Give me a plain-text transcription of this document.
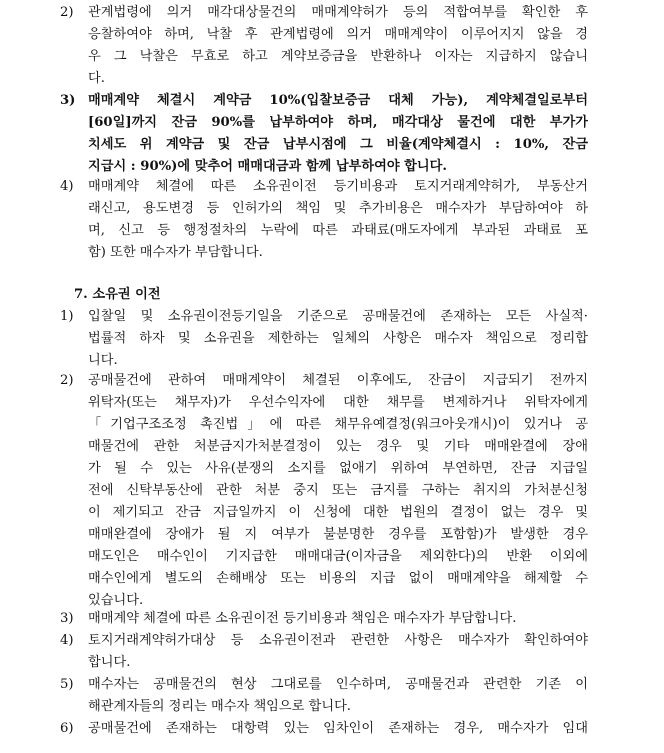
2) 관계법령에 의거 매각대상물건의 매매계약허가 등의 적합여부를 확인한 후
응찰하여야 하며, 낙찰 후 관계법령에 의거 매매계약이 이루어지지 않을 경
우 그 낙찰은 무효로 하고 계약보증금을 반환하나 이자는 지급하지 않습니
다.
3) 매매계약 체결시 계약금 10%(입찰보증금 대체 가능), 계약체결일로부터
[60일]까지 잔금 90%를 납부하여야 하며, 매각대상 물건에 대한 부가가
치세도 위 계약금 및 잔금 납부시점에 그 비율(계약체결시 : 10%, 잔금
지급시 : 90%)에 맞추어 매매대금과 함께 납부하여야 합니다.
4) 매매계약 체결에 따른 소유권이전 등기비용과 토지거래계약허가, 부동산거
래신고, 용도변경 등 인허가의 책임 및 추가비용은 매수자가 부담하여야 하
며, 신고 등 행정절차의 누락에 따른 과태료(매도자에게 부과된 과태료 포
함) 또한 매수자가 부담합니다.
7. 소유권 이전
1) 입찰일 및 소유권이전등기일을 기준으로 공매물건에 존재하는 모든 사실적·
법률적 하자 및 소유권을 제한하는 일체의 사항은 매수자 책임으로 정리합
니다.
2) 공매물건에 관하여 매매계약이 체결된 이후에도, 잔금이 지급되기 전까지
위탁자(또는 채무자)가 우선수익자에 대한 채무를 변제하거나 위탁자에게
「기업구조조정 촉진법」에 따른 채무유예결정(워크아웃개시)이 있거나 공
매물건에 관한 처분금지가처분결정이 있는 경우 및 기타 매매완결에 장애
가 될 수 있는 사유(분쟁의 소지를 없애기 위하여 부연하면, 잔금 지급일
전에 신탁부동산에 관한 처분 중지 또는 금지를 구하는 취지의 가처분신청
이 제기되고 잔금 지급일까지 이 신청에 대한 법원의 결정이 없는 경우 및
매매완결에 장애가 될 지 여부가 불분명한 경우를 포함함)가 발생한 경우
매도인은 매수인이 기지급한 매매대금(이자금을 제외한다)의 반환 이외에
매수인에게 별도의 손해배상 또는 비용의 지급 없이 매매계약을 해제할 수
있습니다.
3) 매매계약 체결에 따른 소유권이전 등기비용과 책임은 매수자가 부담합니다.
4) 토지거래계약허가대상 등 소유권이전과 관련한 사항은 매수자가 확인하여야
합니다.
5) 매수자는 공매물건의 현상 그대로를 인수하며, 공매물건과 관련한 기존 이
해관계자들의 정리는 매수자 책임으로 합니다.
6) 공매물건에 존재하는 대항력 있는 임차인이 존재하는 경우, 매수자가 임대
